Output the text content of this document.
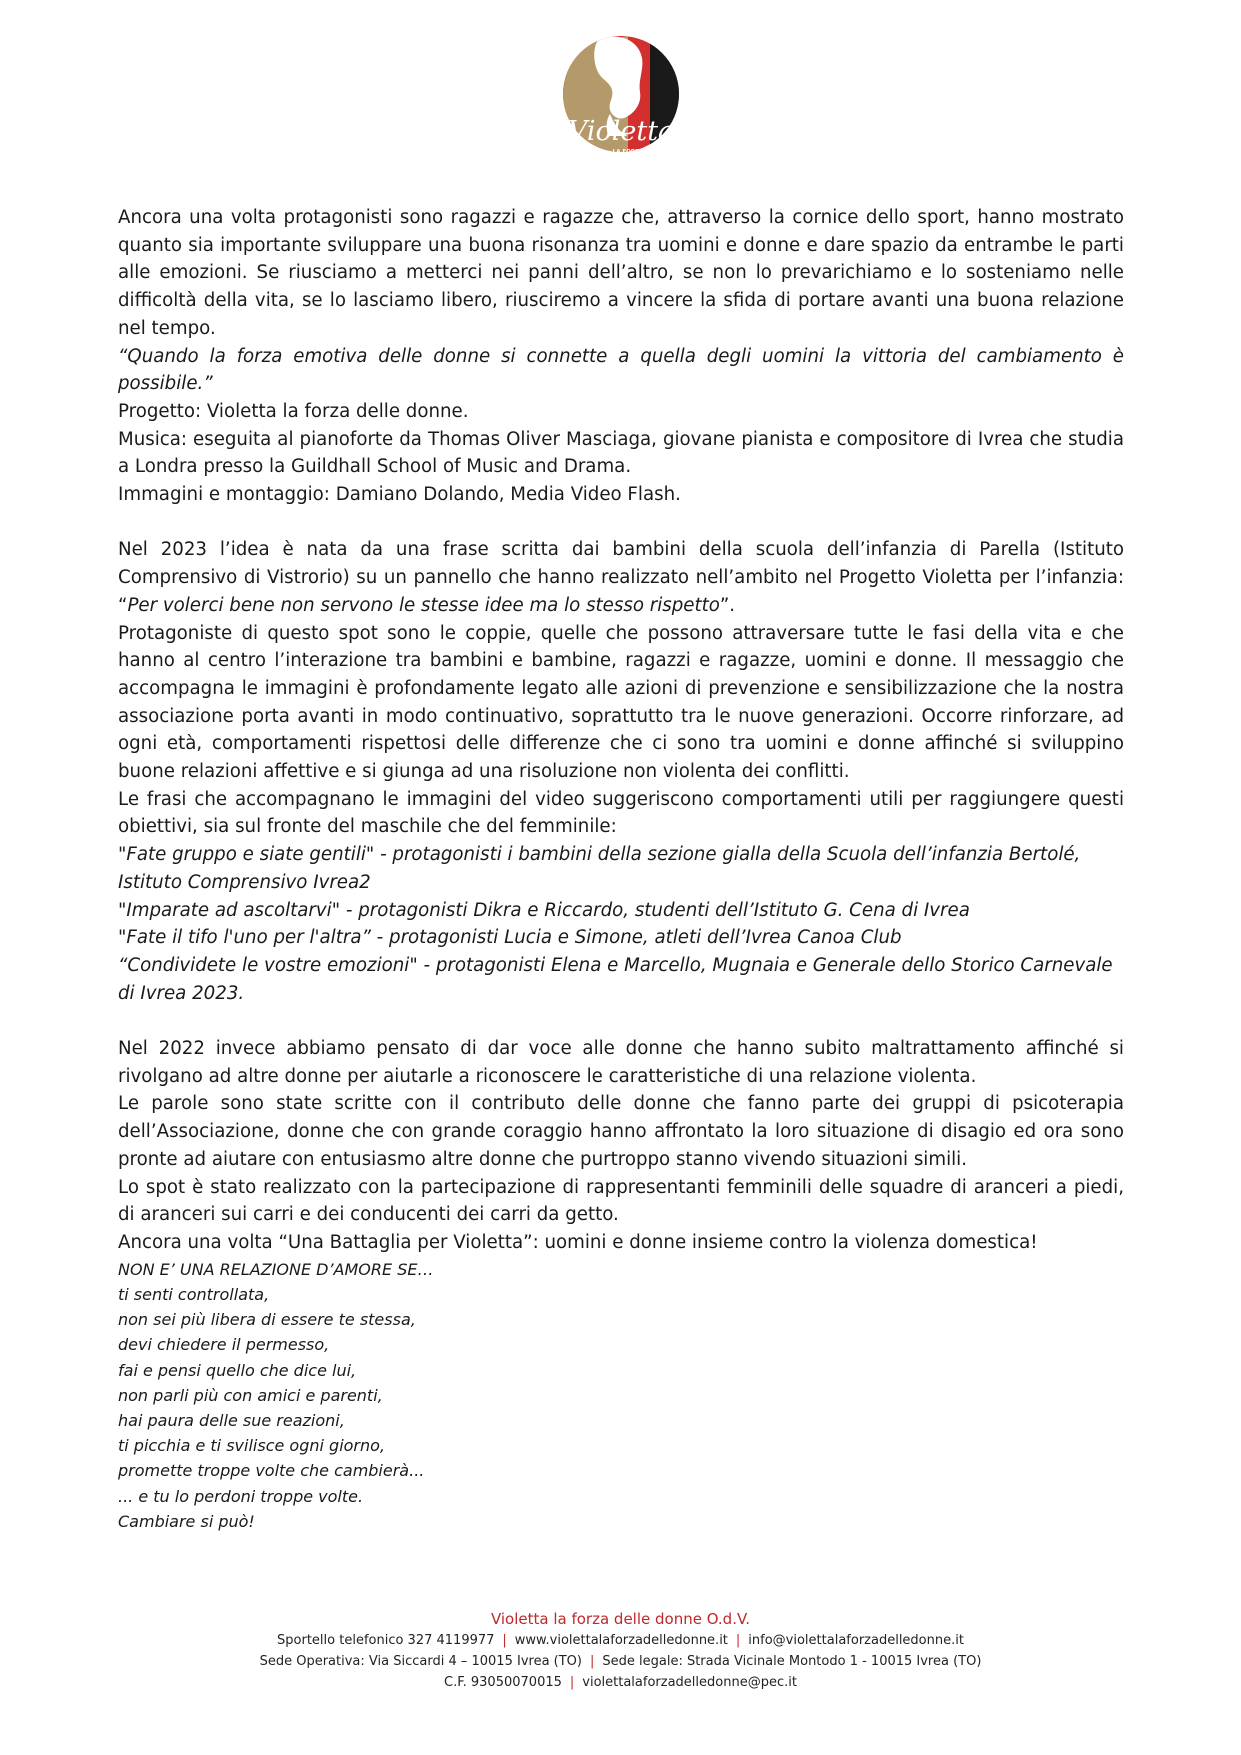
Violetta
LA FORZA
DELLE DONNE

Ancora una volta protagonisti sono ragazzi e ragazze che, attraverso la cornice dello sport, hanno mostrato quanto sia importante sviluppare una buona risonanza tra uomini e donne e dare spazio da entrambe le parti alle emozioni. Se riusciamo a metterci nei panni dell’altro, se non lo prevarichiamo e lo sosteniamo nelle difficoltà della vita, se lo lasciamo libero, riusciremo a vincere la sfida di portare avanti una buona relazione nel tempo.

“Quando la forza emotiva delle donne si connette a quella degli uomini la vittoria del cambiamento è possibile.”

Progetto: Violetta la forza delle donne.

Musica: eseguita al pianoforte da Thomas Oliver Masciaga, giovane pianista e compositore di Ivrea che studia a Londra presso la Guildhall School of Music and Drama.

Immagini e montaggio: Damiano Dolando, Media Video Flash.

Nel 2023 l’idea è nata da una frase scritta dai bambini della scuola dell’infanzia di Parella (Istituto Comprensivo di Vistrorio) su un pannello che hanno realizzato nell’ambito nel Progetto Violetta per l’infanzia: “Per volerci bene non servono le stesse idee ma lo stesso rispetto”.

Protagoniste di questo spot sono le coppie, quelle che possono attraversare tutte le fasi della vita e che hanno al centro l’interazione tra bambini e bambine, ragazzi e ragazze, uomini e donne. Il messaggio che accompagna le immagini è profondamente legato alle azioni di prevenzione e sensibilizzazione che la nostra associazione porta avanti in modo continuativo, soprattutto tra le nuove generazioni. Occorre rinforzare, ad ogni età, comportamenti rispettosi delle differenze che ci sono tra uomini e donne affinché si sviluppino buone relazioni affettive e si giunga ad una risoluzione non violenta dei conflitti.

Le frasi che accompagnano le immagini del video suggeriscono comportamenti utili per raggiungere questi obiettivi, sia sul fronte del maschile che del femminile:

"Fate gruppo e siate gentili" - protagonisti i bambini della sezione gialla della Scuola dell’infanzia Bertolé, Istituto Comprensivo Ivrea2

"Imparate ad ascoltarvi" - protagonisti Dikra e Riccardo, studenti dell’Istituto G. Cena di Ivrea

"Fate il tifo l'uno per l'altra” - protagonisti Lucia e Simone, atleti dell’Ivrea Canoa Club

“Condividete le vostre emozioni" - protagonisti Elena e Marcello, Mugnaia e Generale dello Storico Carnevale di Ivrea 2023.

Nel 2022 invece abbiamo pensato di dar voce alle donne che hanno subito maltrattamento affinché si rivolgano ad altre donne per aiutarle a riconoscere le caratteristiche di una relazione violenta.

Le parole sono state scritte con il contributo delle donne che fanno parte dei gruppi di psicoterapia dell’Associazione, donne che con grande coraggio hanno affrontato la loro situazione di disagio ed ora sono pronte ad aiutare con entusiasmo altre donne che purtroppo stanno vivendo situazioni simili.

Lo spot è stato realizzato con la partecipazione di rappresentanti femminili delle squadre di aranceri a piedi, di aranceri sui carri e dei conducenti dei carri da getto.

Ancora una volta “Una Battaglia per Violetta”: uomini e donne insieme contro la violenza domestica!

NON E’ UNA RELAZIONE D’AMORE SE…
ti senti controllata,
non sei più libera di essere te stessa,
devi chiedere il permesso,
fai e pensi quello che dice lui,
non parli più con amici e parenti,
hai paura delle sue reazioni,
ti picchia e ti svilisce ogni giorno,
promette troppe volte che cambierà...
... e tu lo perdoni troppe volte.
Cambiare si può!
Violetta la forza delle donne O.d.V.
Sportello telefonico 327 4119977 | www.violettalaforzadelledonne.it | info@violettalaforzadelledonne.it
Sede Operativa: Via Siccardi 4 – 10015 Ivrea (TO) | Sede legale: Strada Vicinale Montodo 1 - 10015 Ivrea (TO)
C.F. 93050070015 | violettalaforzadelledonne@pec.it
